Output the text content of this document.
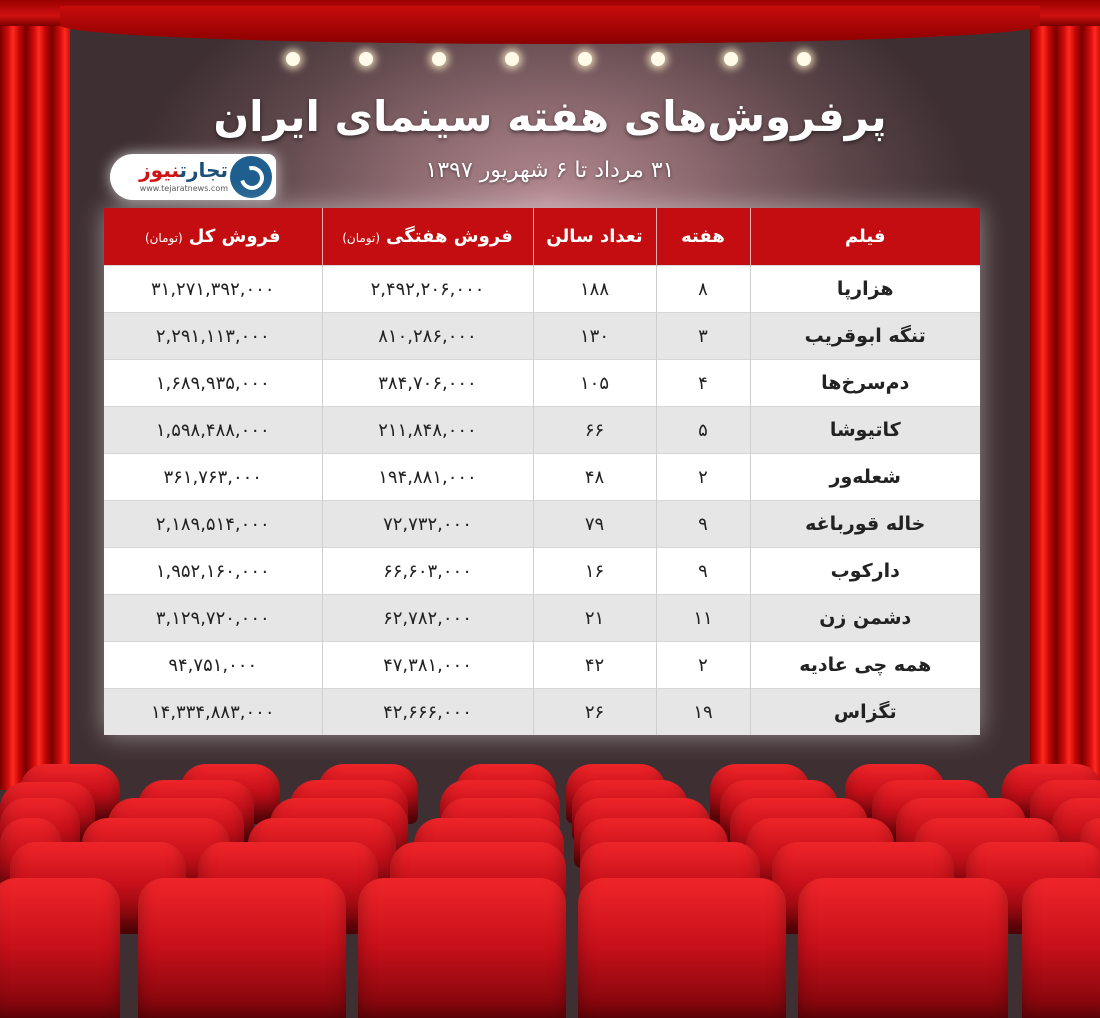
پرفروش‌های هفته سینمای ایران
۳۱ مرداد تا ۶ شهریور ۱۳۹۷
تجارتنیوز
www.tejaratnews.com
فیلم	هفته	تعداد سالن	فروش هفتگی(تومان)	فروش کل(تومان)
هزارپا	۸	۱۸۸	۲,۴۹۲,۲۰۶,۰۰۰	۳۱,۲۷۱,۳۹۲,۰۰۰
تنگه ابوقریب	۳	۱۳۰	۸۱۰,۲۸۶,۰۰۰	۲,۲۹۱,۱۱۳,۰۰۰
دم‌سرخ‌ها	۴	۱۰۵	۳۸۴,۷۰۶,۰۰۰	۱,۶۸۹,۹۳۵,۰۰۰
کاتیوشا	۵	۶۶	۲۱۱,۸۴۸,۰۰۰	۱,۵۹۸,۴۸۸,۰۰۰
شعله‌ور	۲	۴۸	۱۹۴,۸۸۱,۰۰۰	۳۶۱,۷۶۳,۰۰۰
خاله قورباغه	۹	۷۹	۷۲,۷۳۲,۰۰۰	۲,۱۸۹,۵۱۴,۰۰۰
دارکوب	۹	۱۶	۶۶,۶۰۳,۰۰۰	۱,۹۵۲,۱۶۰,۰۰۰
دشمن زن	۱۱	۲۱	۶۲,۷۸۲,۰۰۰	۳,۱۲۹,۷۲۰,۰۰۰
همه چی عادیه	۲	۴۲	۴۷,۳۸۱,۰۰۰	۹۴,۷۵۱,۰۰۰
تگزاس	۱۹	۲۶	۴۲,۶۶۶,۰۰۰	۱۴,۳۳۴,۸۸۳,۰۰۰
